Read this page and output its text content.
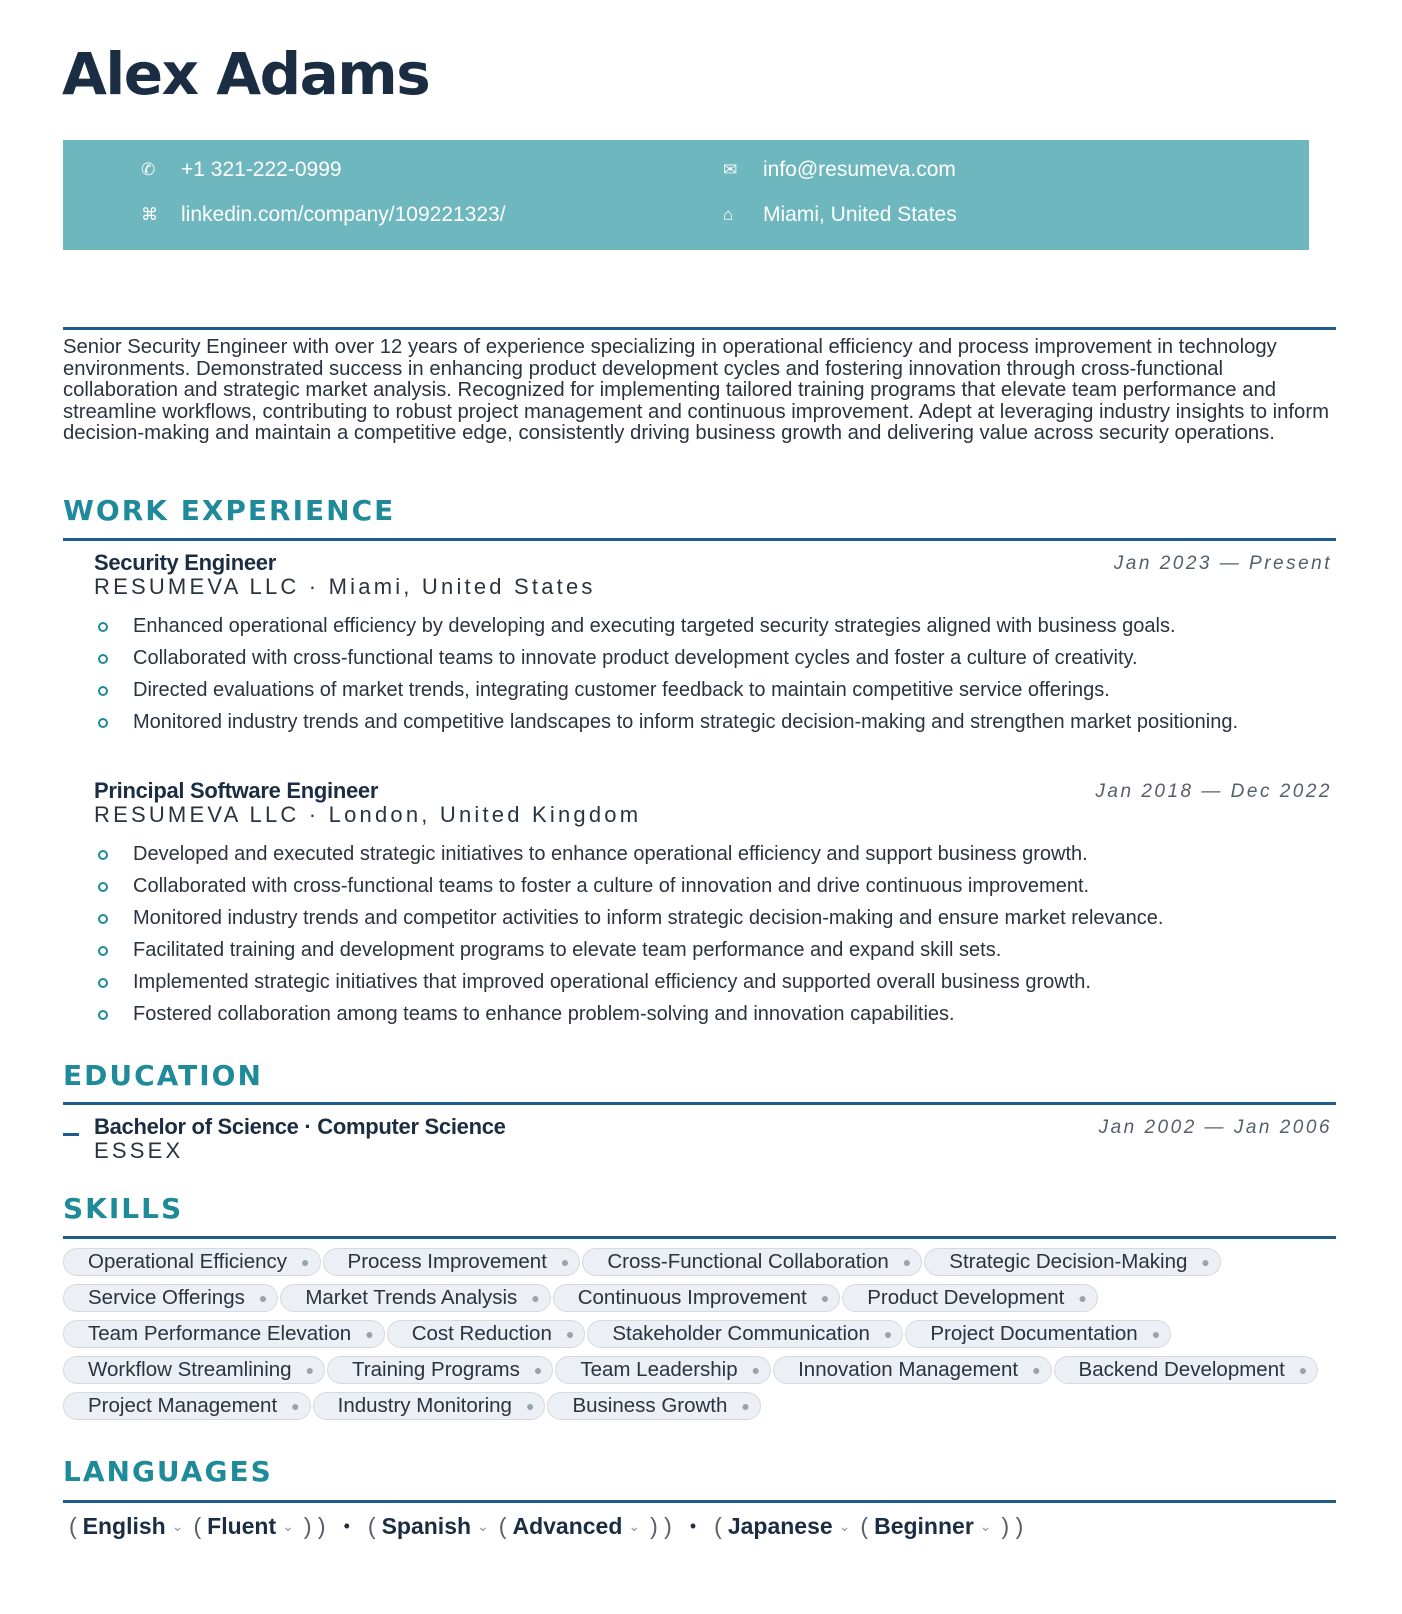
Alex Adams
✆	+1 321-222-0999	✉	info@resumeva.com
⌘	linkedin.com/company/109221323/	⌂	Miami, United States

Senior Security Engineer with over 12 years of experience specializing in operational efficiency and process improvement in technology environments. Demonstrated success in enhancing product development cycles and fostering innovation through cross-functional collaboration and strategic market analysis. Recognized for implementing tailored training programs that elevate team performance and streamline workflows, contributing to robust project management and continuous improvement. Adept at leveraging industry insights to inform decision-making and maintain a competitive edge, consistently driving business growth and delivering value across security operations.

WORK EXPERIENCE
Security Engineer	Jan 2023 — Present
RESUMEVA LLC · Miami, United States
Enhanced operational efficiency by developing and executing targeted security strategies aligned with business goals.
Collaborated with cross-functional teams to innovate product development cycles and foster a culture of creativity.
Directed evaluations of market trends, integrating customer feedback to maintain competitive service offerings.
Monitored industry trends and competitive landscapes to inform strategic decision-making and strengthen market positioning.
Principal Software Engineer	Jan 2018 — Dec 2022
RESUMEVA LLC · London, United Kingdom
Developed and executed strategic initiatives to enhance operational efficiency and support business growth.
Collaborated with cross-functional teams to foster a culture of innovation and drive continuous improvement.
Monitored industry trends and competitor activities to inform strategic decision-making and ensure market relevance.
Facilitated training and development programs to elevate team performance and expand skill sets.
Implemented strategic initiatives that improved operational efficiency and supported overall business growth.
Fostered collaboration among teams to enhance problem-solving and innovation capabilities.
EDUCATION
Bachelor of Science · Computer Science	Jan 2002 — Jan 2006
ESSEX
SKILLS
Operational Efficiency ● Process Improvement ● Cross-Functional Collaboration ● Strategic Decision-Making ●
Service Offerings ● Market Trends Analysis ● Continuous Improvement ● Product Development ●
Team Performance Elevation ● Cost Reduction ● Stakeholder Communication ● Project Documentation ●
Workflow Streamlining ● Training Programs ● Team Leadership ● Innovation Management ● Backend Development ●
Project Management ● Industry Monitoring ● Business Growth ●
LANGUAGES
( English ⌄ ( Fluent ⌄ ) ) • ( Spanish ⌄ ( Advanced ⌄ ) ) • ( Japanese ⌄ ( Beginner ⌄ ) )
